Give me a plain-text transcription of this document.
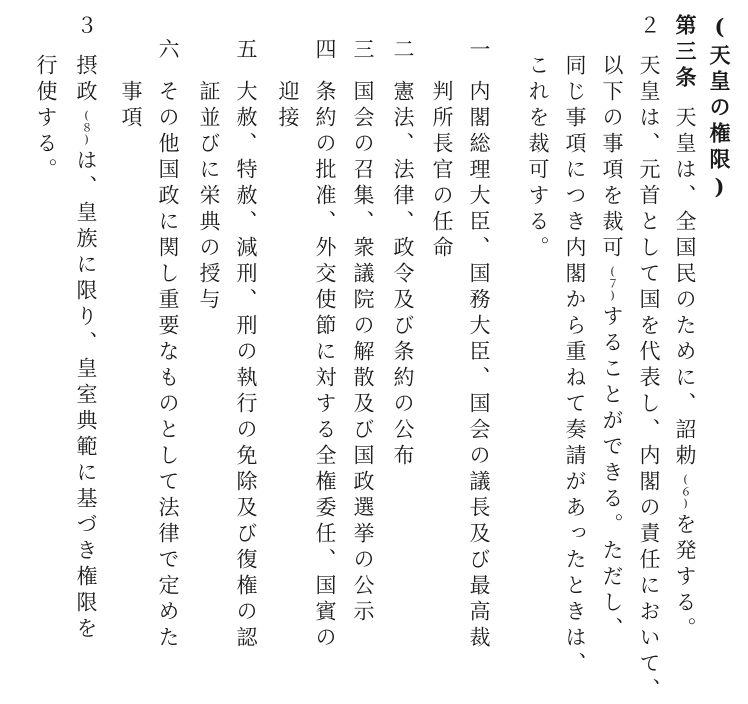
(天皇の権限)
第三条天皇は、全国民のために、詔勅(６)を発する。
２
天皇は、元首として国を代表し、内閣の責任において、
以下の事項を裁可(７)することができる。ただし、
同じ事項につき内閣から重ねて奏請があったときは、
これを裁可する。
一
内閣総理大臣、国務大臣、国会の議長及び最高裁
判所長官の任命
二
憲法、法律、政令及び条約の公布
三
国会の召集、衆議院の解散及び国政選挙の公示
四
条約の批准、外交使節に対する全権委任、国賓の
迎接
五
大赦、特赦、減刑、刑の執行の免除及び復権の認
証並びに栄典の授与
六
その他国政に関し重要なものとして法律で定めた
事項
３
摂政(８)は、皇族に限り、皇室典範に基づき権限を
行使する。
